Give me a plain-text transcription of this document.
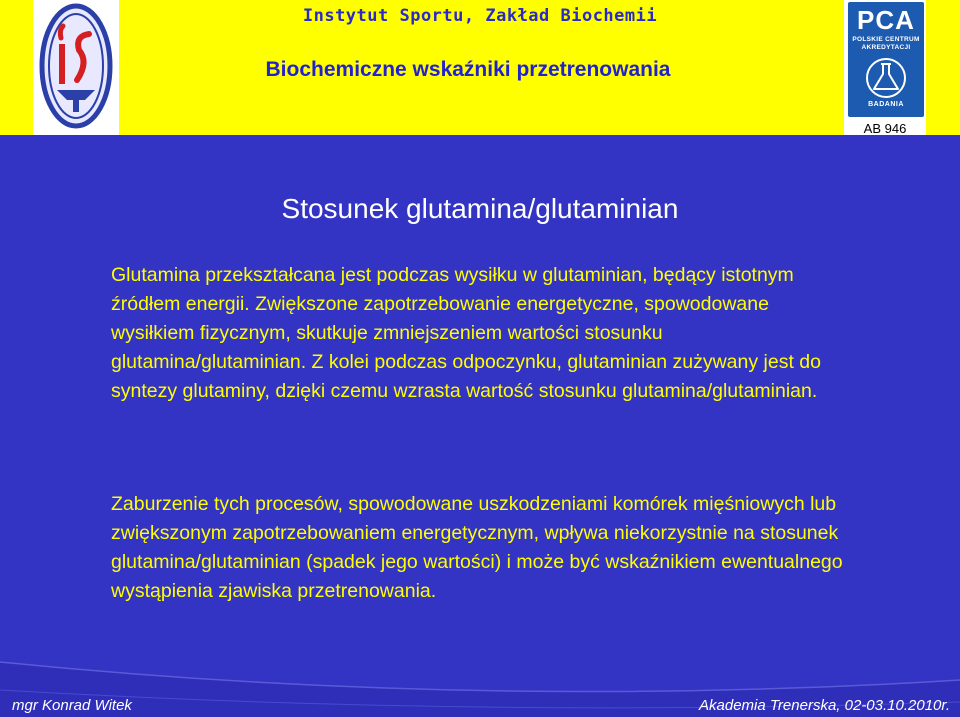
Instytut Sportu, Zakład Biochemii
Biochemiczne wskaźniki przetrenowania
PCA
POLSKIE CENTRUM
AKREDYTACJI
BADANIA
AB 946
Stosunek glutamina/glutaminian

Glutamina przekształcana jest podczas wysiłku w glutaminian, będący istotnym źródłem energii. Zwiększone zapotrzebowanie energetyczne, spowodowane wysiłkiem fizycznym, skutkuje zmniejszeniem wartości stosunku glutamina/glutaminian. Z kolei podczas odpoczynku, glutaminian zużywany jest do syntezy glutaminy, dzięki czemu wzrasta wartość stosunku glutamina/glutaminian.

Zaburzenie tych procesów, spowodowane uszkodzeniami komórek mięśniowych lub zwiększonym zapotrzebowaniem energetycznym, wpływa niekorzystnie na stosunek glutamina/glutaminian (spadek jego wartości) i może być wskaźnikiem ewentualnego wystąpienia zjawiska przetrenowania.

mgr Konrad Witek	Akademia Trenerska, 02-03.10.2010r.
